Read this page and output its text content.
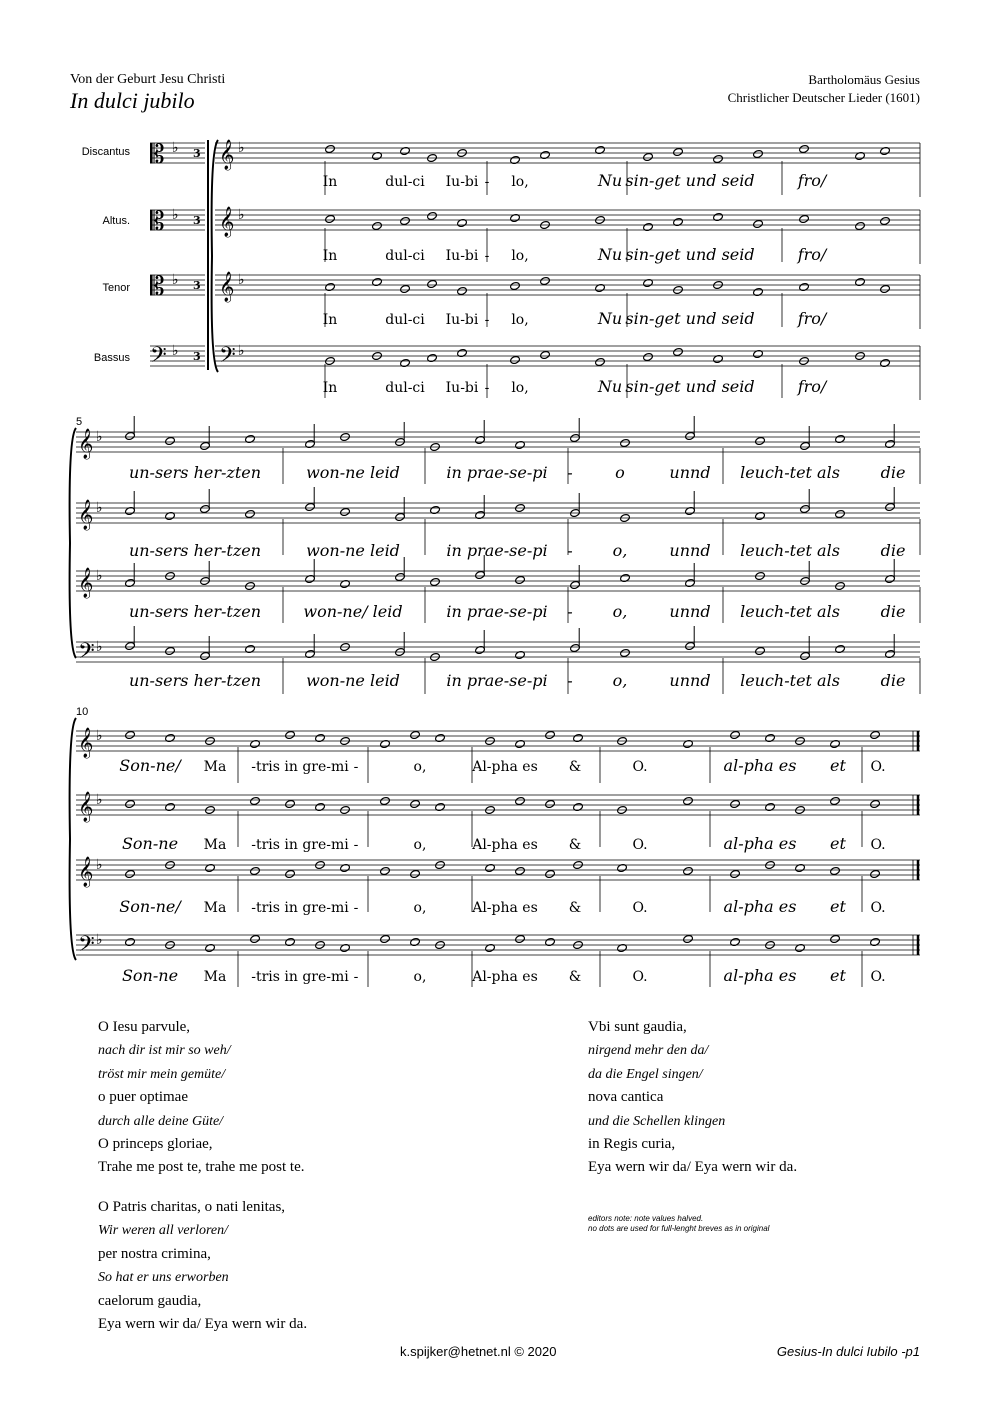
𝄡 ♭ 3
𝄡 ♭ 3
𝄡 ♭ 3
𝄢 ♭ 3
𝄞 ♭
𝄞 ♭
𝄞 ♭
𝄢 ♭
In	dul-ci Iu-bi - lo,	Nu sin-get und seid	fro/
In	dul-ci Iu-bi - lo,	Nu sin-get und seid	fro/
In	dul-ci Iu-bi - lo,	Nu sin-get und seid	fro/
In	dul-ci Iu-bi - lo,	Nu sin-get und seid	fro/
𝄞 ♭
𝄞 ♭
𝄞 ♭
𝄢 ♭
un-sers her-zten	won-ne leid	in prae-se-pi -	o	unnd leuch-tet als	die
un-sers her-tzen	won-ne leid	in prae-se-pi - o,	unnd leuch-tet als	die
un-sers her-tzen	won-ne/ leid	in prae-se-pi - o,	unnd leuch-tet als	die
un-sers her-tzen	won-ne leid	in prae-se-pi - o,	unnd leuch-tet als	die
𝄞 ♭
𝄞 ♭
𝄞 ♭
𝄢 ♭
Son-ne/ Ma -tris in gre-mi -	o,	Al-pha es &	O.	al-pha es et O.
Son-ne Ma -tris in gre-mi -	o,	Al-pha es &	O.	al-pha es et O.
Son-ne/ Ma -tris in gre-mi -	o,	Al-pha es &	O.	al-pha es et O.
Son-ne Ma -tris in gre-mi -	o,	Al-pha es &	O.	al-pha es et O.
Von der Geburt Jesu Christi
In dulci jubilo
Bartholomäus Gesius
Christlicher Deutscher Lieder (1601)
Discantus
Altus.
Tenor
Bassus
5
10
O Iesu parvule,
nach dir ist mir so weh/
tröst mir mein gemüte/
o puer optimae
durch alle deine Güte/
O princeps gloriae,
Trahe me post te, trahe me post te.
O Patris charitas, o nati lenitas,
Wir weren all verloren/
per nostra crimina,
So hat er uns erworben
caelorum gaudia,
Eya wern wir da/ Eya wern wir da.
Vbi sunt gaudia,
nirgend mehr den da/
da die Engel singen/
nova cantica
und die Schellen klingen
in Regis curia,
Eya wern wir da/ Eya wern wir da.
editors note: note values halved.
no dots are used for full-lenght breves as in original
k.spijker@hetnet.nl © 2020	Gesius-In dulci Iubilo -p1
